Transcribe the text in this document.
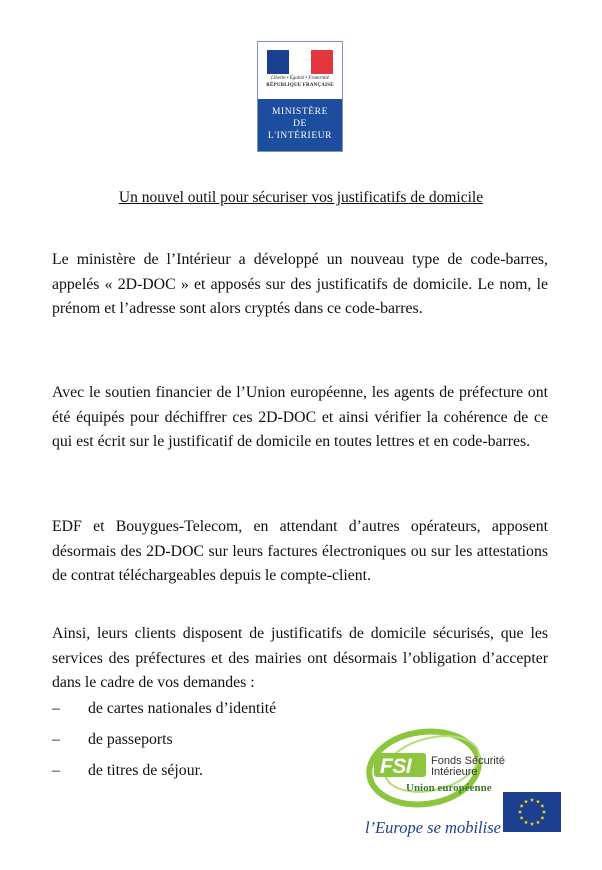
Liberté • Égalité • Fraternité
RÉPUBLIQUE FRANÇAISE
MINISTÈRE
DE
L'INTÉRIEUR
Un nouvel outil pour sécuriser vos justificatifs de domicile

Le ministère de l’Intérieur a développé un nouveau type de code-barres, appelés « 2D-DOC » et apposés sur des justificatifs de domicile. Le nom, le prénom et l’adresse sont alors cryptés dans ce code-barres.

Avec le soutien financier de l’Union européenne, les agents de préfecture ont été équipés pour déchiffrer ces 2D-DOC et ainsi vérifier la cohérence de ce qui est écrit sur le justificatif de domicile en toutes lettres et en code-barres.

EDF et Bouygues-Telecom, en attendant d’autres opérateurs, apposent désormais des 2D-DOC sur leurs factures électroniques ou sur les attestations de contrat téléchargeables depuis le compte-client.

Ainsi, leurs clients disposent de justificatifs de domicile sécurisés, que les services des préfectures et des mairies ont désormais l’obligation d’accepter dans le cadre de vos demandes :

–	de cartes nationales d’identité
–	de passeports
–	de titres de séjour.	FSI Fonds Sécurité
Intérieure
Union européenne
l’Europe se mobilise
